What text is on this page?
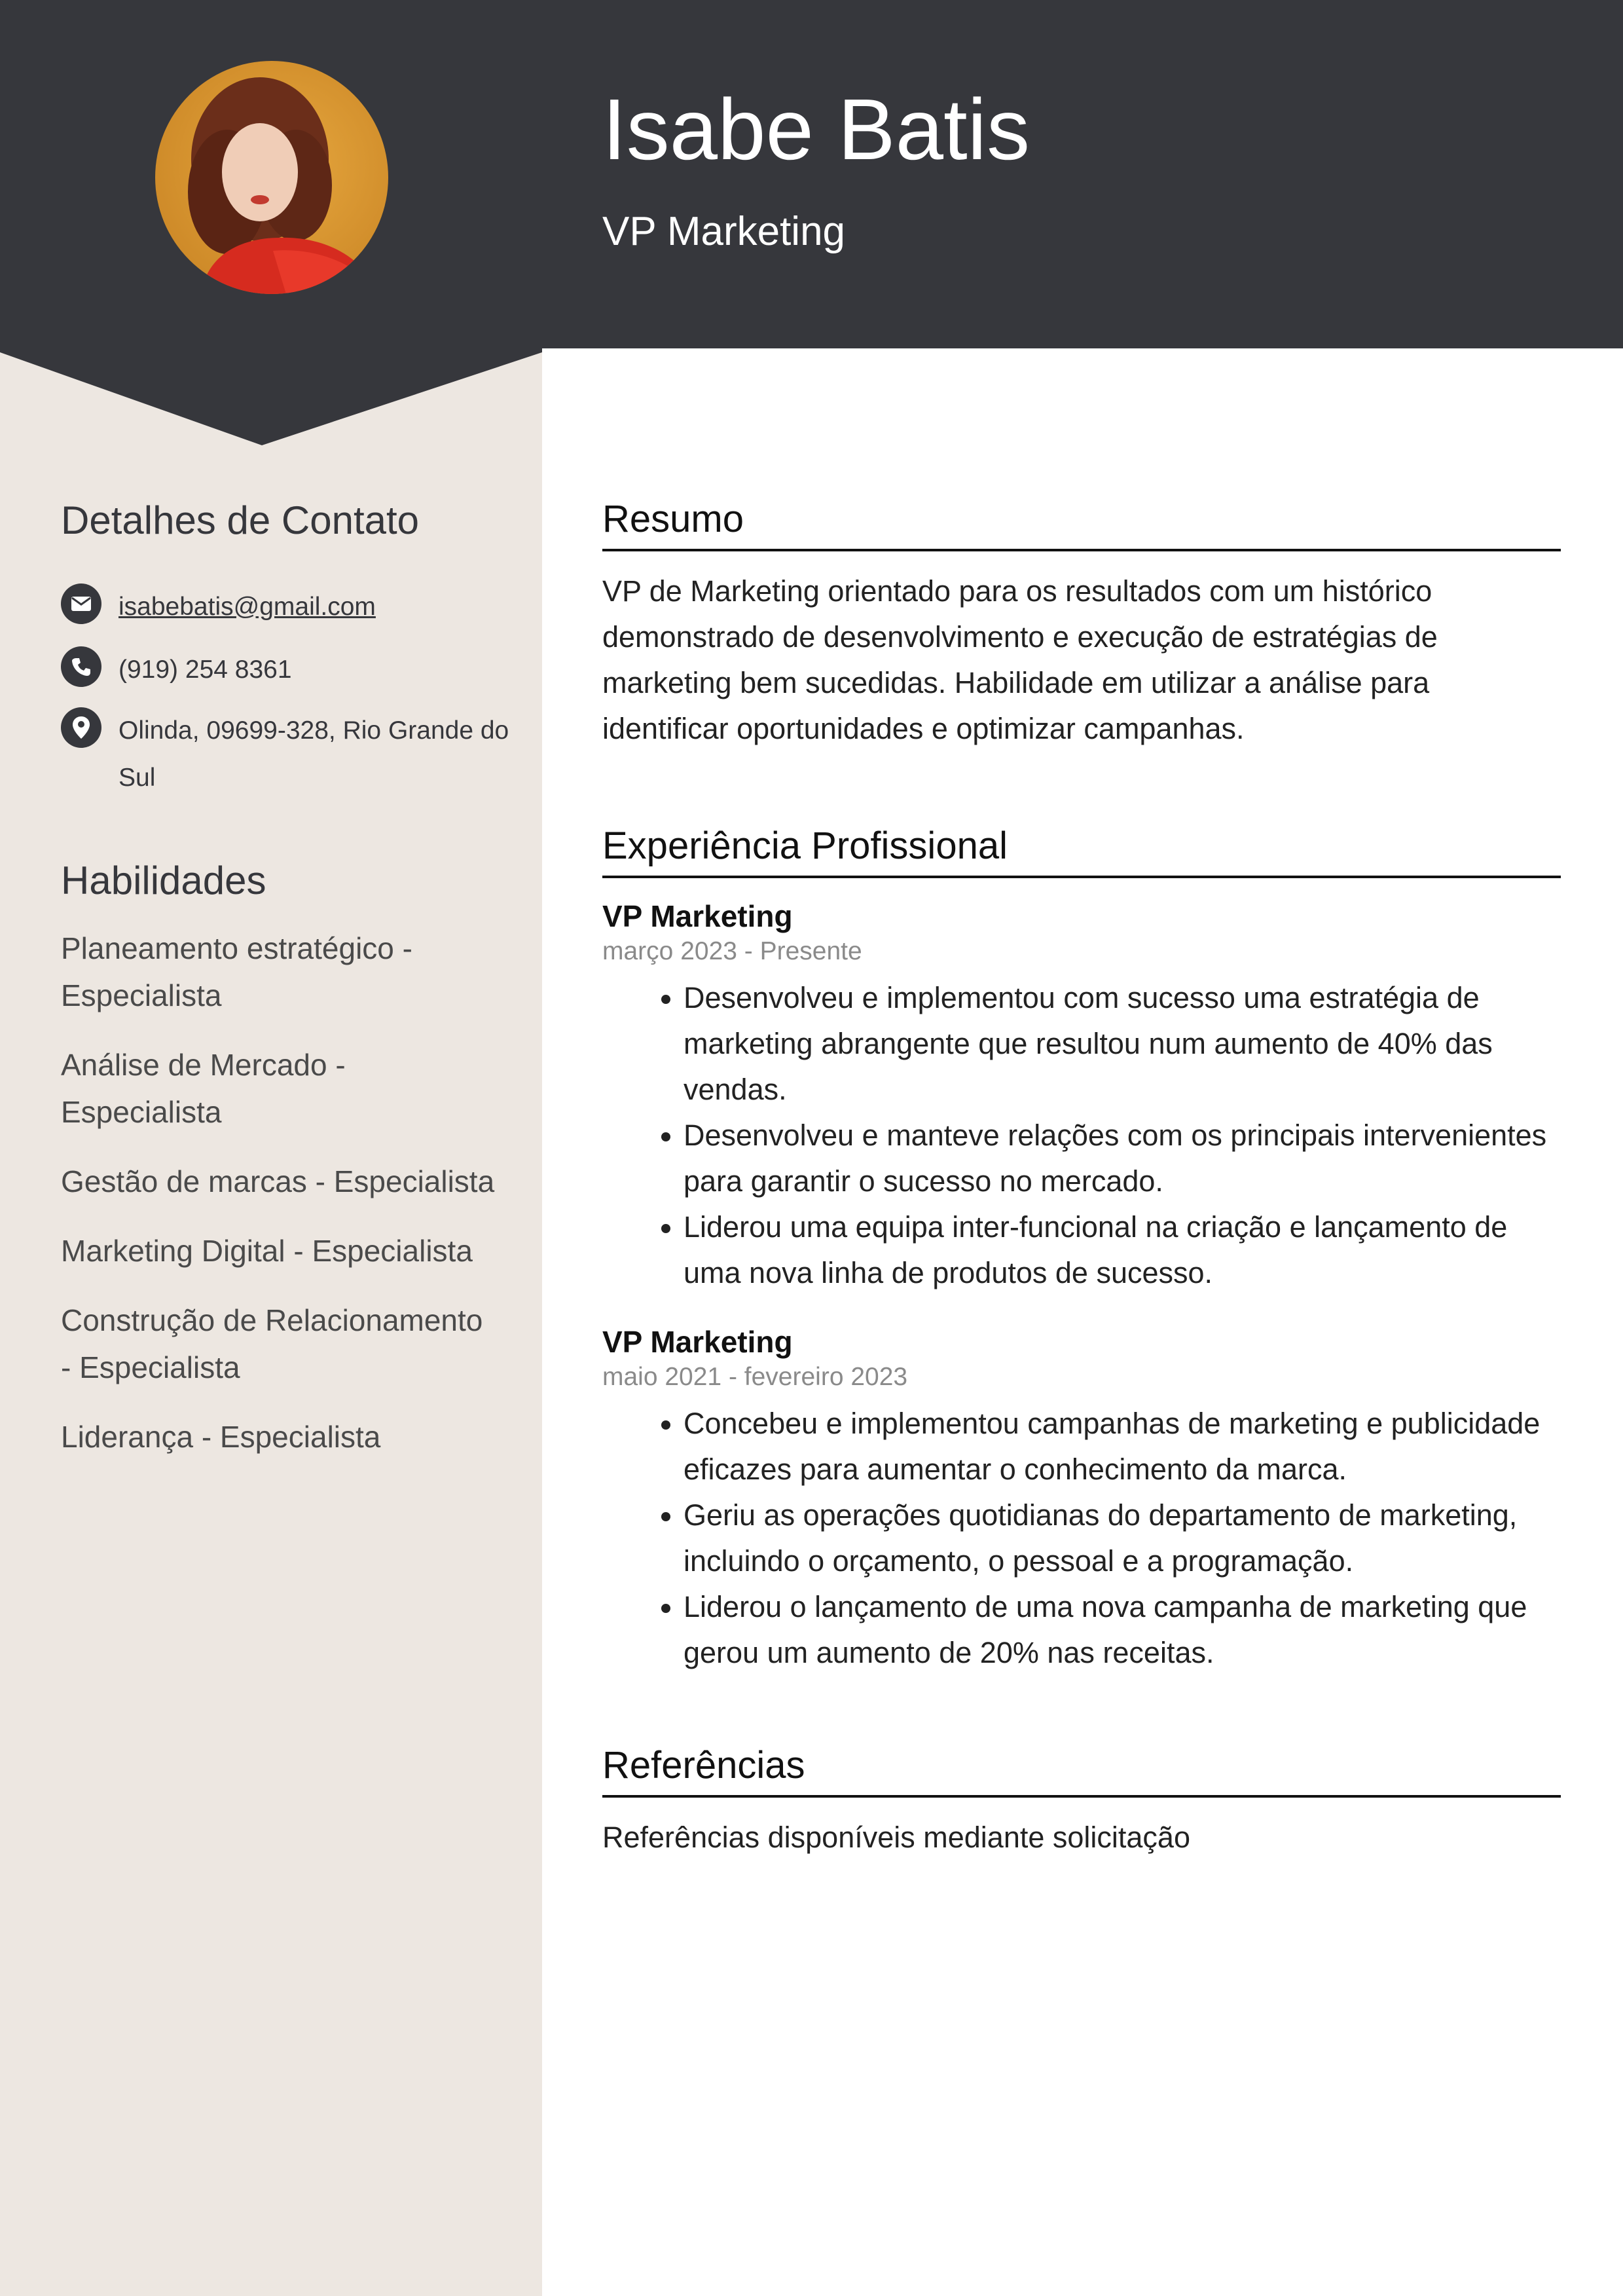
Isabe Batis
VP Marketing
Detalhes de Contato
isabebatis@gmail.com
(919) 254 8361
Olinda, 09699-328, Rio Grande do Sul
Habilidades
Planeamento estratégico - Especialista
Análise de Mercado - Especialista
Gestão de marcas - Especialista
Marketing Digital - Especialista
Construção de Relacionamento - Especialista
Liderança - Especialista
Resumo
VP de Marketing orientado para os resultados com um histórico demonstrado de desenvolvimento e execução de estratégias de marketing bem sucedidas. Habilidade em utilizar a análise para identificar oportunidades e optimizar campanhas.
Experiência Profissional
VP Marketing
março 2023 - Presente
• Desenvolveu e implementou com sucesso uma estratégia de marketing abrangente que resultou num aumento de 40% das vendas.
• Desenvolveu e manteve relações com os principais intervenientes para garantir o sucesso no mercado.
• Liderou uma equipa inter-funcional na criação e lançamento de uma nova linha de produtos de sucesso.
VP Marketing
maio 2021 - fevereiro 2023
• Concebeu e implementou campanhas de marketing e publicidade eficazes para aumentar o conhecimento da marca.
• Geriu as operações quotidianas do departamento de marketing, incluindo o orçamento, o pessoal e a programação.
• Liderou o lançamento de uma nova campanha de marketing que gerou um aumento de 20% nas receitas.
Referências
Referências disponíveis mediante solicitação
